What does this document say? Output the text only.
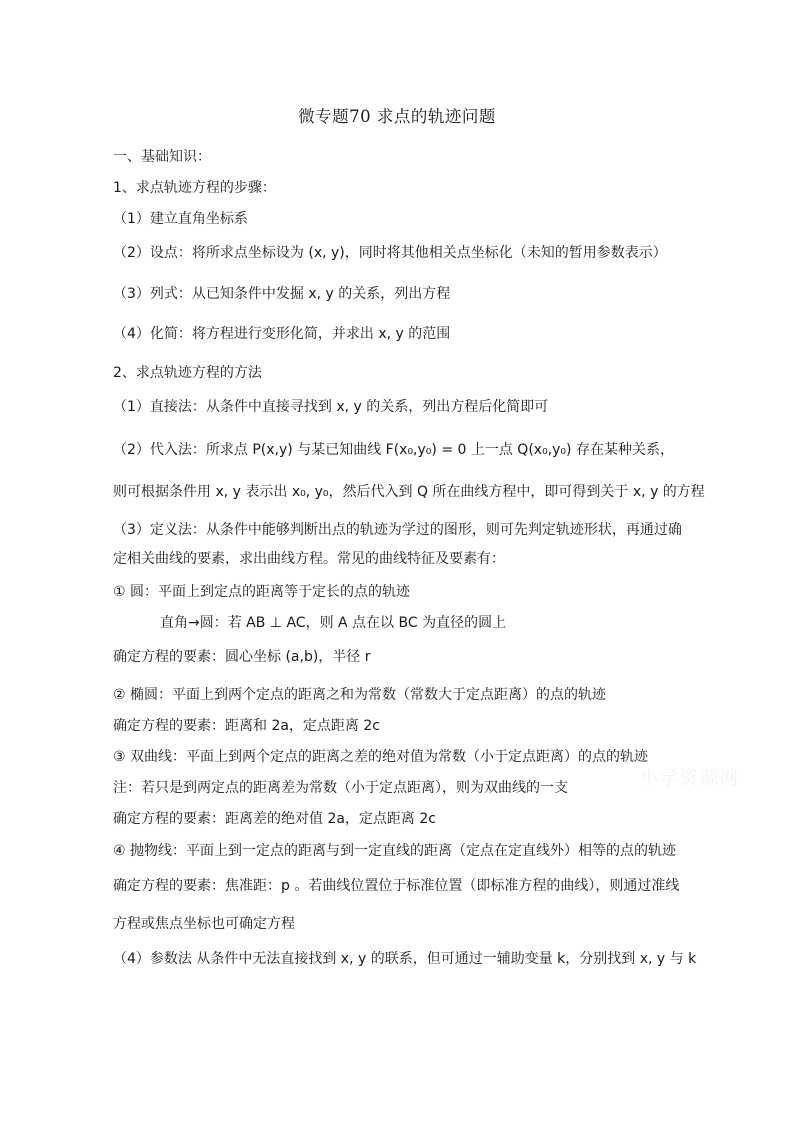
微专题70 求点的轨迹问题
一、基础知识：
1、求点轨迹方程的步骤：
（1）建立直角坐标系
（2）设点：将所求点坐标设为 (x, y)，同时将其他相关点坐标化（未知的暂用参数表示）
（3）列式：从已知条件中发掘 x, y 的关系，列出方程
（4）化简：将方程进行变形化简，并求出 x, y 的范围
2、求点轨迹方程的方法
（1）直接法：从条件中直接寻找到 x, y 的关系，列出方程后化简即可
（2）代入法：所求点 P(x,y) 与某已知曲线 F(x₀,y₀) = 0 上一点 Q(x₀,y₀) 存在某种关系，
则可根据条件用 x, y 表示出 x₀, y₀，然后代入到 Q 所在曲线方程中，即可得到关于 x, y 的方程
（3）定义法：从条件中能够判断出点的轨迹为学过的图形，则可先判定轨迹形状，再通过确
定相关曲线的要素，求出曲线方程。常见的曲线特征及要素有：
① 圆：平面上到定点的距离等于定长的点的轨迹
直角→圆：若 AB ⊥ AC，则 A 点在以 BC 为直径的圆上
确定方程的要素：圆心坐标 (a,b)，半径 r
② 椭圆：平面上到两个定点的距离之和为常数（常数大于定点距离）的点的轨迹
确定方程的要素：距离和 2a，定点距离 2c
③ 双曲线：平面上到两个定点的距离之差的绝对值为常数（小于定点距离）的点的轨迹
注：若只是到两定点的距离差为常数（小于定点距离），则为双曲线的一支
确定方程的要素：距离差的绝对值 2a，定点距离 2c
④ 抛物线：平面上到一定点的距离与到一定直线的距离（定点在定直线外）相等的点的轨迹
确定方程的要素：焦准距：p 。若曲线位置位于标准位置（即标准方程的曲线），则通过准线
方程或焦点坐标也可确定方程
（4）参数法 从条件中无法直接找到 x, y 的联系，但可通过一辅助变量 k，分别找到 x, y 与 k
小学资源网
